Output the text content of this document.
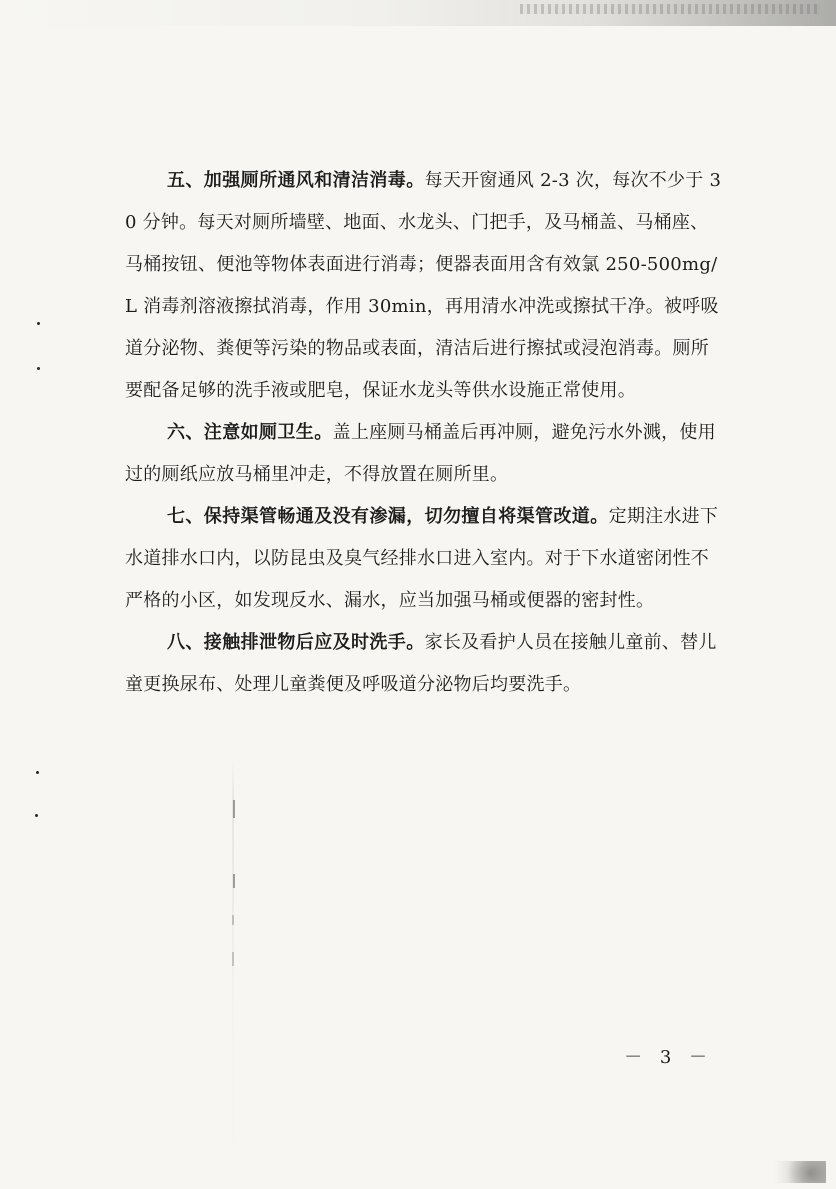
五、加强厕所通风和清洁消毒。每天开窗通风 2-3 次，每次不少于 30 分钟。每天对厕所墙壁、地面、水龙头、门把手，及马桶盖、马桶座、马桶按钮、便池等物体表面进行消毒；便器表面用含有效氯 250-500mg/L 消毒剂溶液擦拭消毒，作用 30min，再用清水冲洗或擦拭干净。被呼吸道分泌物、粪便等污染的物品或表面，清洁后进行擦拭或浸泡消毒。厕所要配备足够的洗手液或肥皂，保证水龙头等供水设施正常使用。

六、注意如厕卫生。盖上座厕马桶盖后再冲厕，避免污水外溅，使用过的厕纸应放马桶里冲走，不得放置在厕所里。

七、保持渠管畅通及没有渗漏，切勿擅自将渠管改道。定期注水进下水道排水口内，以防昆虫及臭气经排水口进入室内。对于下水道密闭性不严格的小区，如发现反水、漏水，应当加强马桶或便器的密封性。

八、接触排泄物后应及时洗手。家长及看护人员在接触儿童前、替儿童更换尿布、处理儿童粪便及呼吸道分泌物后均要洗手。

－ 3 －
